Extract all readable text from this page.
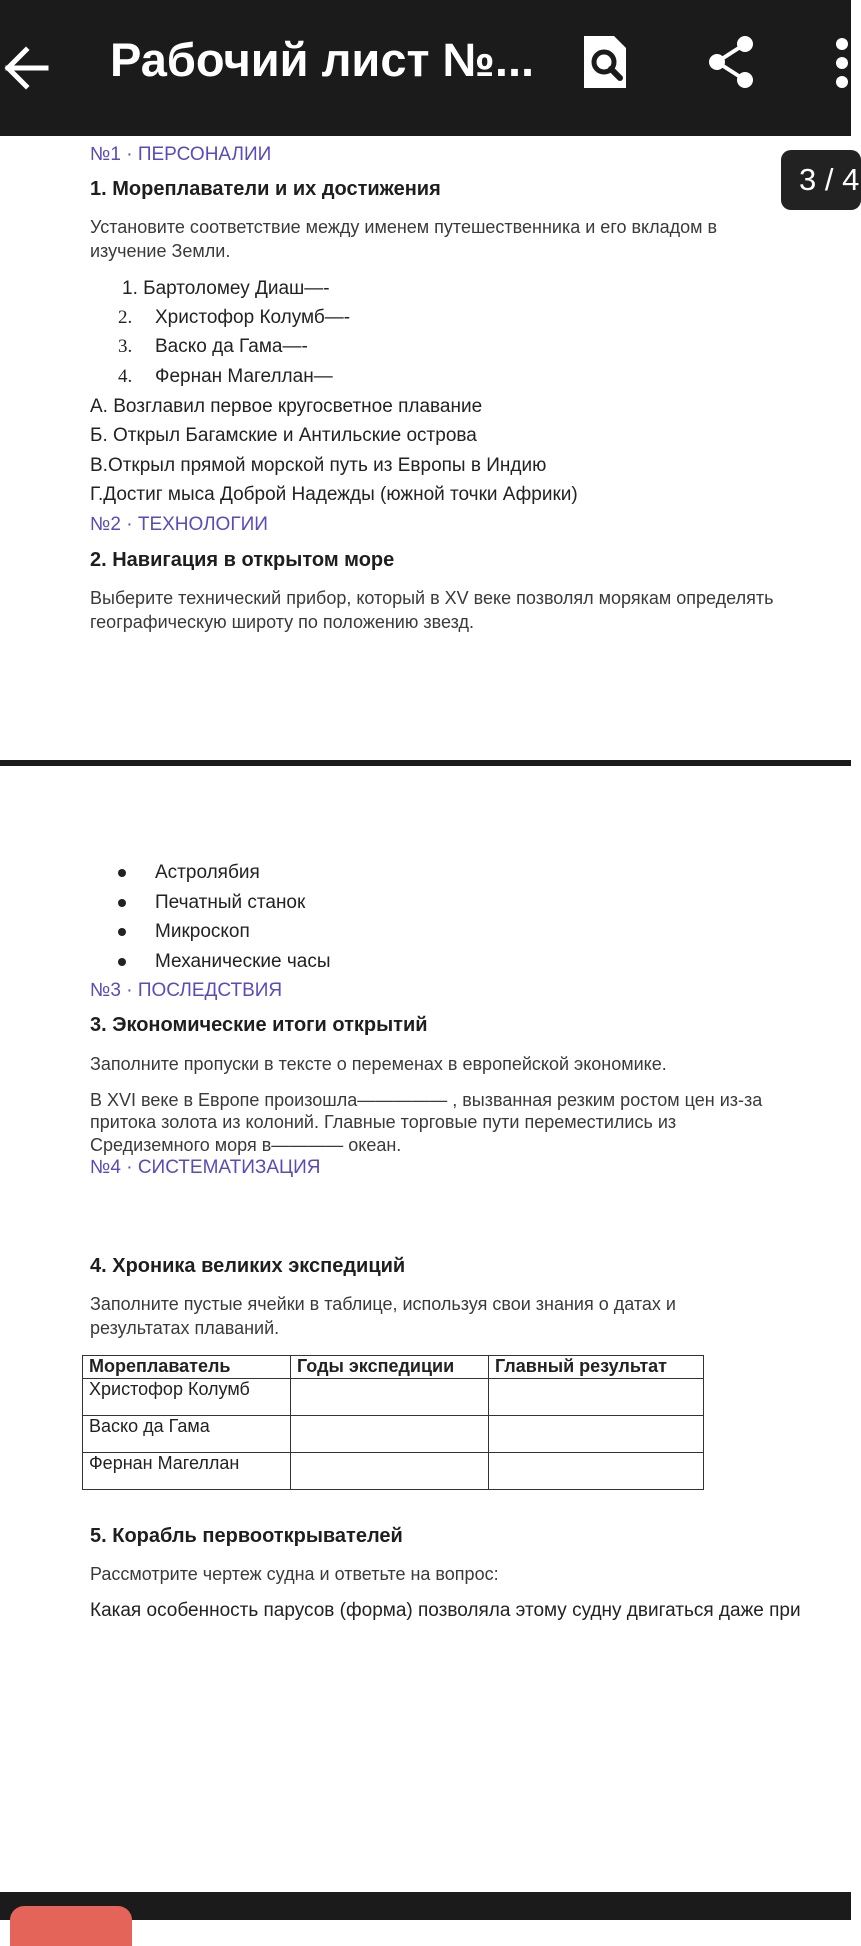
Рабочий лист №...
№1 · ПЕРСОНАЛИИ
1. Мореплаватели и их достижения
Установите соответствие между именем путешественника и его вкладом в
изучение Земли.
1. Бартоломеу Диаш—-
2. Христофор Колумб—-
3. Васко да Гама—-
4. Фернан Магеллан—
А. Возглавил первое кругосветное плавание
Б. Открыл Багамские и Антильские острова
В.Открыл прямой морской путь из Европы в Индию
Г.Достиг мыса Доброй Надежды (южной точки Африки)
№2 · ТЕХНОЛОГИИ
2. Навигация в открытом море
Выберите технический прибор, который в XV веке позволял морякам определять
географическую широту по положению звезд.
3 / 4
Астролябия
Печатный станок
Микроскоп
Механические часы
№3 · ПОСЛЕДСТВИЯ
3. Экономические итоги открытий
Заполните пропуски в тексте о переменах в европейской экономике.
В XVI веке в Европе произошла————— , вызванная резким ростом цен из-за
притока золота из колоний. Главные торговые пути переместились из
Средиземного моря в———— океан.
№4 · СИСТЕМАТИЗАЦИЯ
4. Хроника великих экспедиций
Заполните пустые ячейки в таблице, используя свои знания о датах и
результатах плаваний.
Мореплаватель	Годы экспедиции	Главный результат
Христофор Колумб		
Васко да Гама		
Фернан Магеллан		
5. Корабль первооткрывателей
Рассмотрите чертеж судна и ответьте на вопрос:
Какая особенность парусов (форма) позволяла этому судну двигаться даже при
